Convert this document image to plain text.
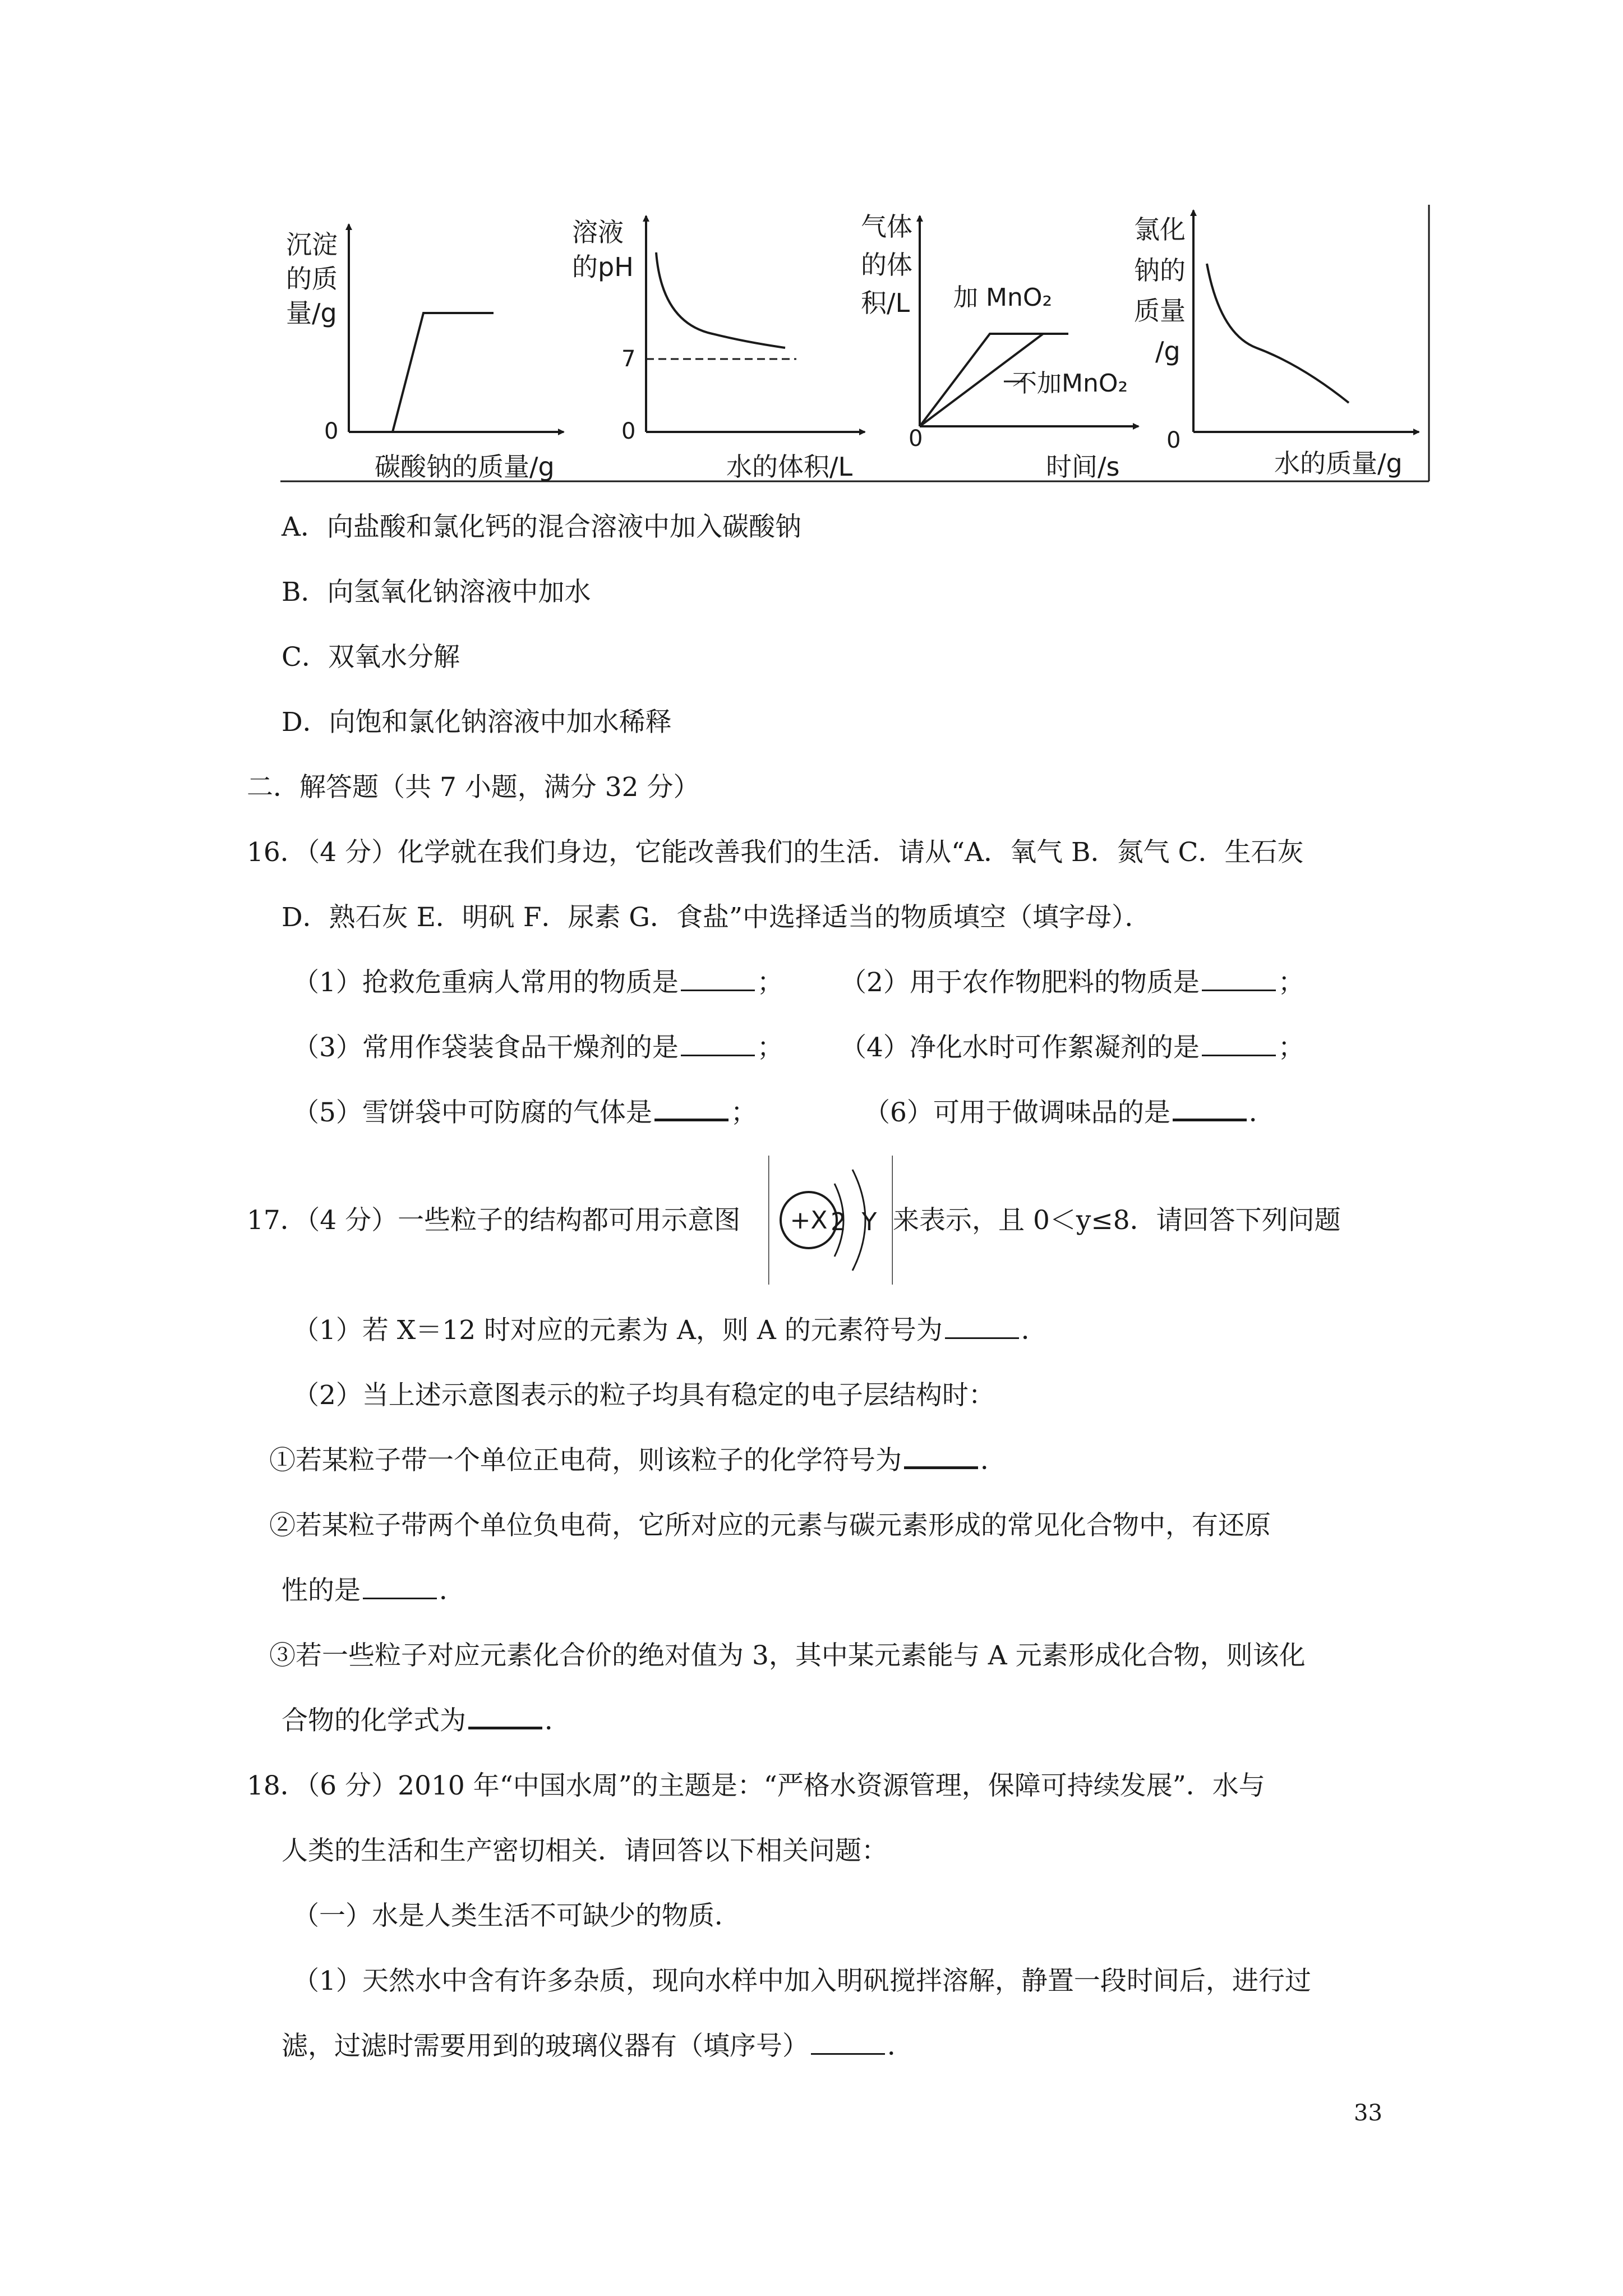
沉淀
的质
量/g
0
碳酸钠的质量/g
溶液
的pH
7
0
水的体积/L
气体
的体
积/L 加 MnO₂
不加MnO₂
0
时间/s
氯化
钠的
质量
/g
0
水的质量/g
A．向盐酸和氯化钙的混合溶液中加入碳酸钠
B．向氢氧化钠溶液中加水
C．双氧水分解
D．向饱和氯化钠溶液中加水稀释
二．解答题（共 7 小题，满分 32 分）
16．（4 分）化学就在我们身边，它能改善我们的生活．请从“A．氧气 B．氮气 C．生石灰
D．熟石灰 E．明矾 F．尿素 G．食盐”中选择适当的物质填空（填字母）．
（1）抢救危重病人常用的物质是	； （2）用于农作物肥料的物质是	；
（3）常用作袋装食品干燥剂的是	； （4）净化水时可作絮凝剂的是	；
（5）雪饼袋中可防腐的气体是	；	（6）可用于做调味品的是	．
17．（4 分）一些粒子的结构都可用示意图 +X 2 Y 来表示，且 0＜y≤8．请回答下列问题
（1）若 X＝12 时对应的元素为 A，则 A 的元素符号为	．
（2）当上述示意图表示的粒子均具有稳定的电子层结构时：
①若某粒子带一个单位正电荷，则该粒子的化学符号为	．
②若某粒子带两个单位负电荷，它所对应的元素与碳元素形成的常见化合物中，有还原
性的是	．
③若一些粒子对应元素化合价的绝对值为 3，其中某元素能与 A 元素形成化合物，则该化
合物的化学式为	．
18．（6 分）2010 年“中国水周”的主题是：“严格水资源管理，保障可持续发展”．水与
人类的生活和生产密切相关．请回答以下相关问题：
（一）水是人类生活不可缺少的物质．
（1）天然水中含有许多杂质，现向水样中加入明矾搅拌溶解，静置一段时间后，进行过
滤，过滤时需要用到的玻璃仪器有（填序号）	．
33
